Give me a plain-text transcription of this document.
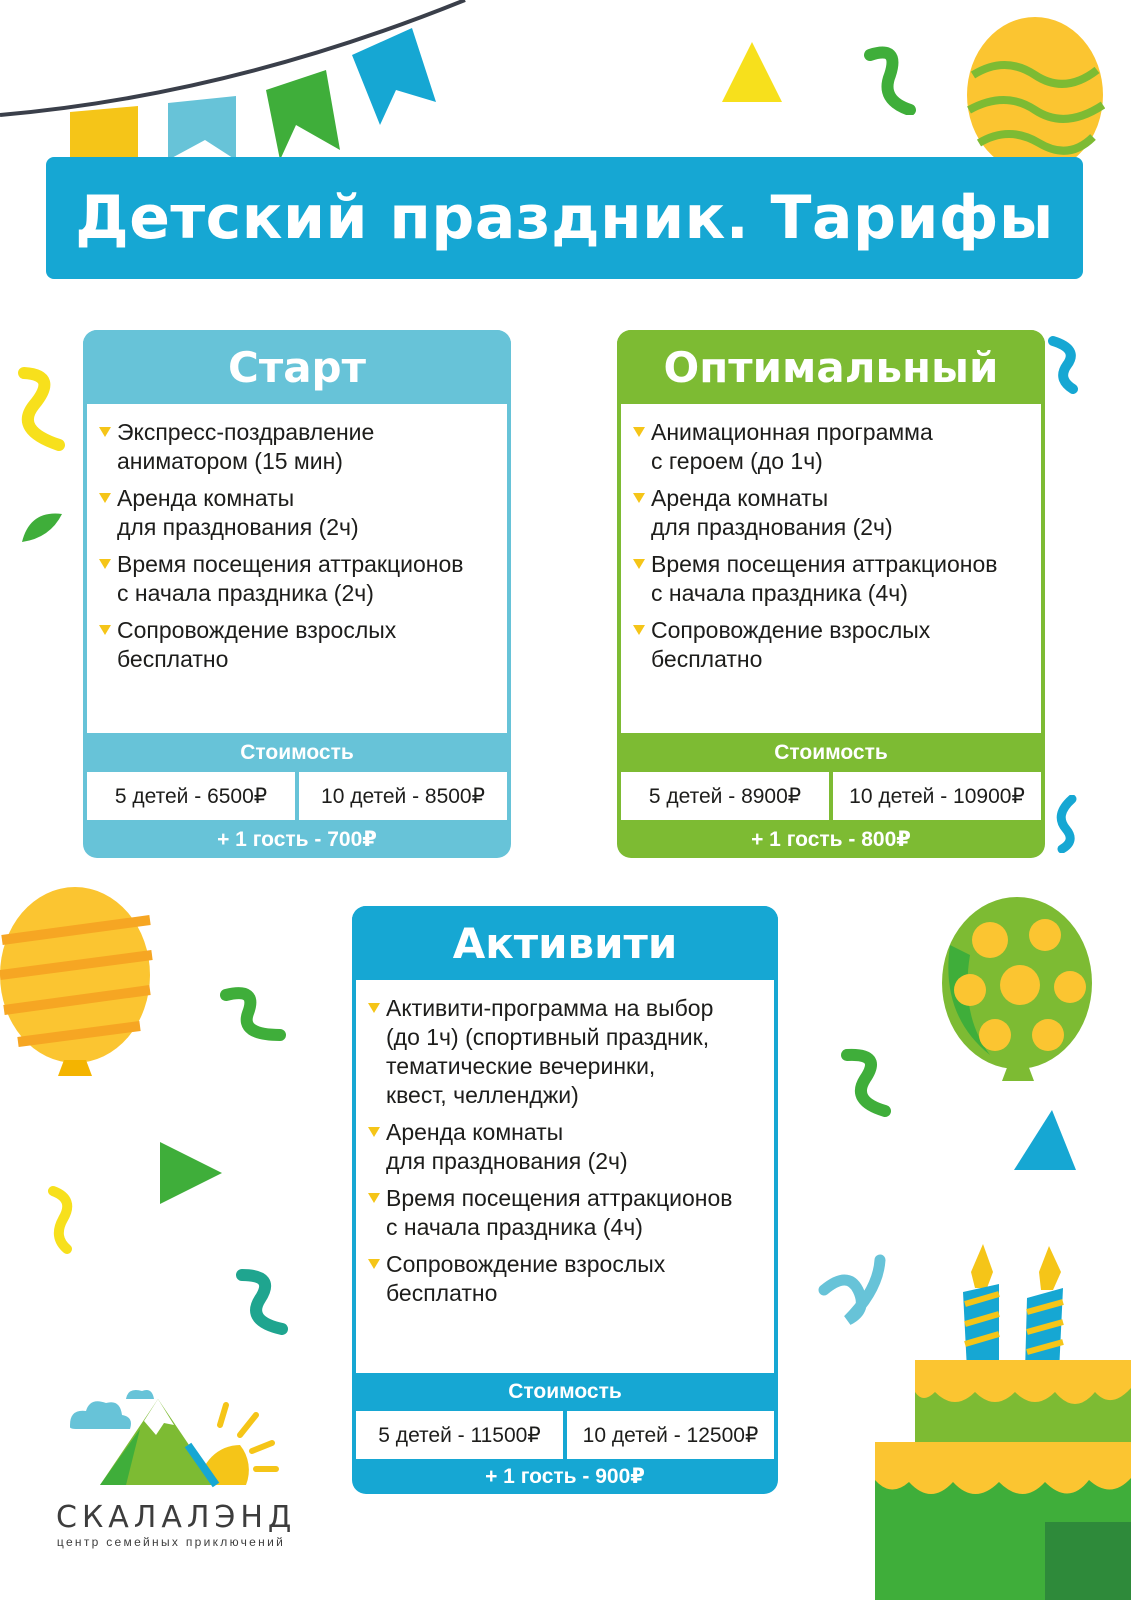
Детский праздник. Тарифы
Старт
Экспресс-поздравление
аниматором (15 мин)
Аренда комнаты
для празднования (2ч)
Время посещения аттракционов
с начала праздника (2ч)
Сопровождение взрослых
бесплатно
Стоимость
5 детей - 6500₽	10 детей - 8500₽
+ 1 гость - 700₽
Оптимальный
Анимационная программа
с героем (до 1ч)
Аренда комнаты
для празднования (2ч)
Время посещения аттракционов
с начала праздника (4ч)
Сопровождение взрослых
бесплатно
Стоимость
5 детей - 8900₽	10 детей - 10900₽
+ 1 гость - 800₽
Активити
Активити-программа на выбор
(до 1ч) (спортивный праздник,
тематические вечеринки,
квест, челленджи)
Аренда комнаты
для празднования (2ч)
Время посещения аттракционов
с начала праздника (4ч)
Сопровождение взрослых
бесплатно
Стоимость
5 детей - 11500₽	10 детей - 12500₽
+ 1 гость - 900₽
СКАЛАЛЭНД
центр семейных приключений
